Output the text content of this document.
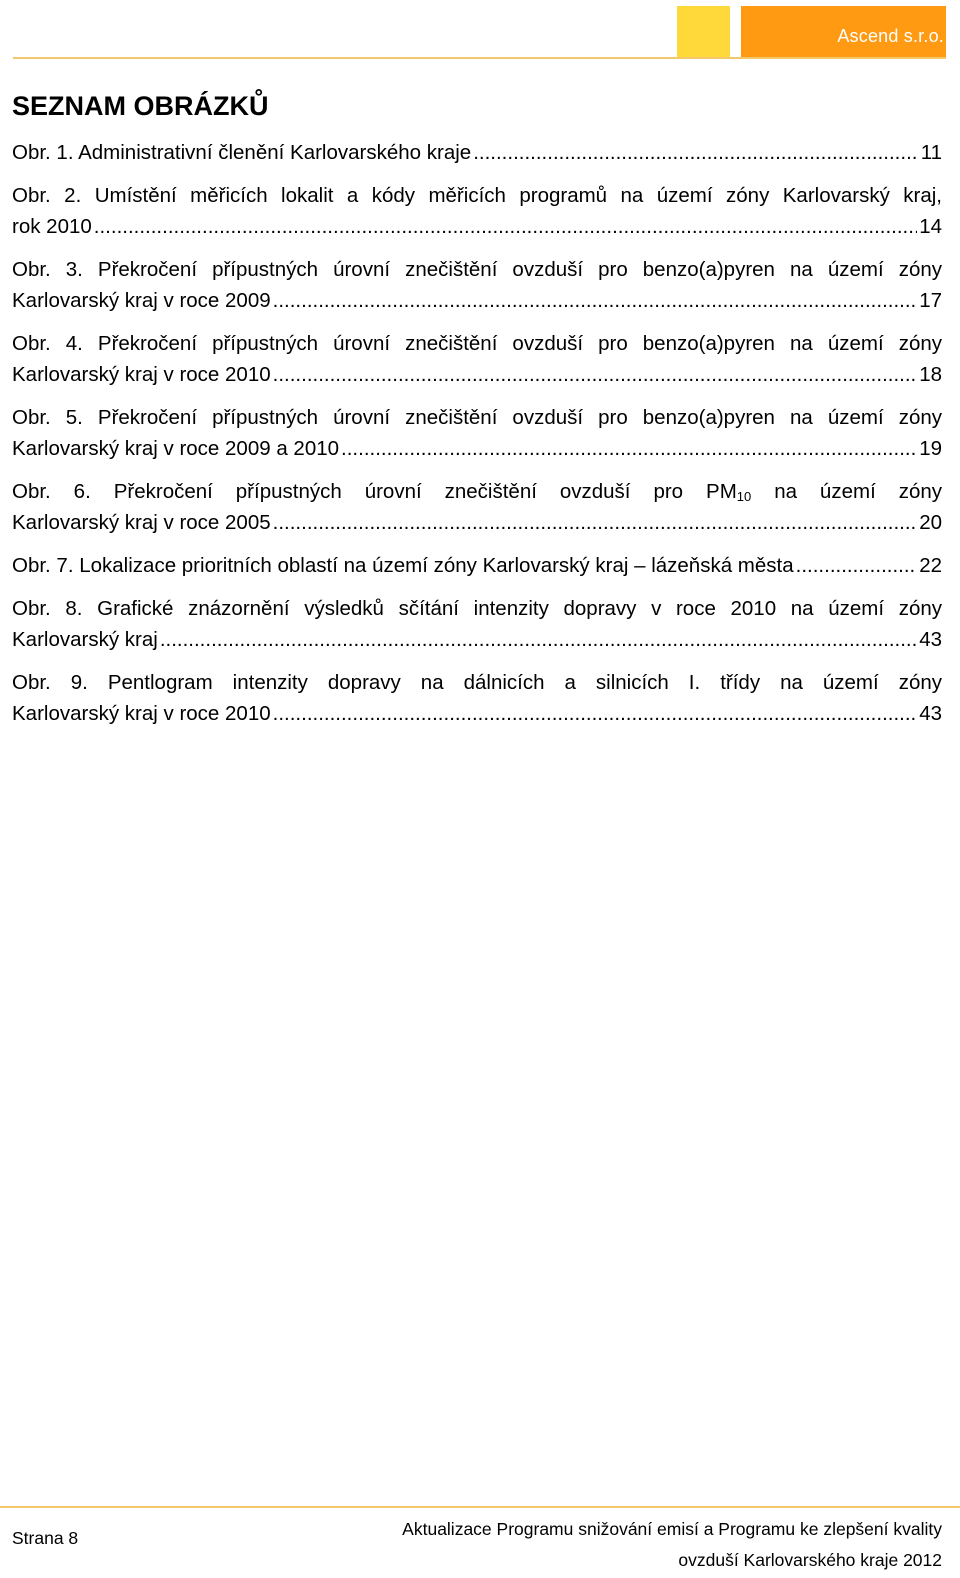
Ascend s.r.o.
SEZNAM OBRÁZKŮ
Obr. 1. Administrativní členění Karlovarského kraje .....	11
Obr. 2. Umístění měřicích lokalit a kódy měřicích programů na území zóny Karlovarský kraj,
rok 2010 .....	14
Obr. 3. Překročení přípustných úrovní znečištění ovzduší pro benzo(a)pyren na území zóny
Karlovarský kraj v roce 2009 .....	17
Obr. 4. Překročení přípustných úrovní znečištění ovzduší pro benzo(a)pyren na území zóny
Karlovarský kraj v roce 2010 .....	18
Obr. 5. Překročení přípustných úrovní znečištění ovzduší pro benzo(a)pyren na území zóny
Karlovarský kraj v roce 2009 a 2010 .....	19
Obr. 6. Překročení přípustných úrovní znečištění ovzduší pro $PM_{10}$ na území zóny
Karlovarský kraj v roce 2005 .....	20
Obr. 7. Lokalizace prioritních oblastí na území zóny Karlovarský kraj – lázeňská města .....	22
Obr. 8. Grafické znázornění výsledků sčítání intenzity dopravy v roce 2010 na území zóny
Karlovarský kraj .....	43
Obr. 9. Pentlogram intenzity dopravy na dálnicích a silnicích I. třídy na území zóny
Karlovarský kraj v roce 2010 .....	43
Strana 8	Aktualizace Programu snižování emisí a Programu ke zlepšení kvality
ovzduší Karlovarského kraje 2012
